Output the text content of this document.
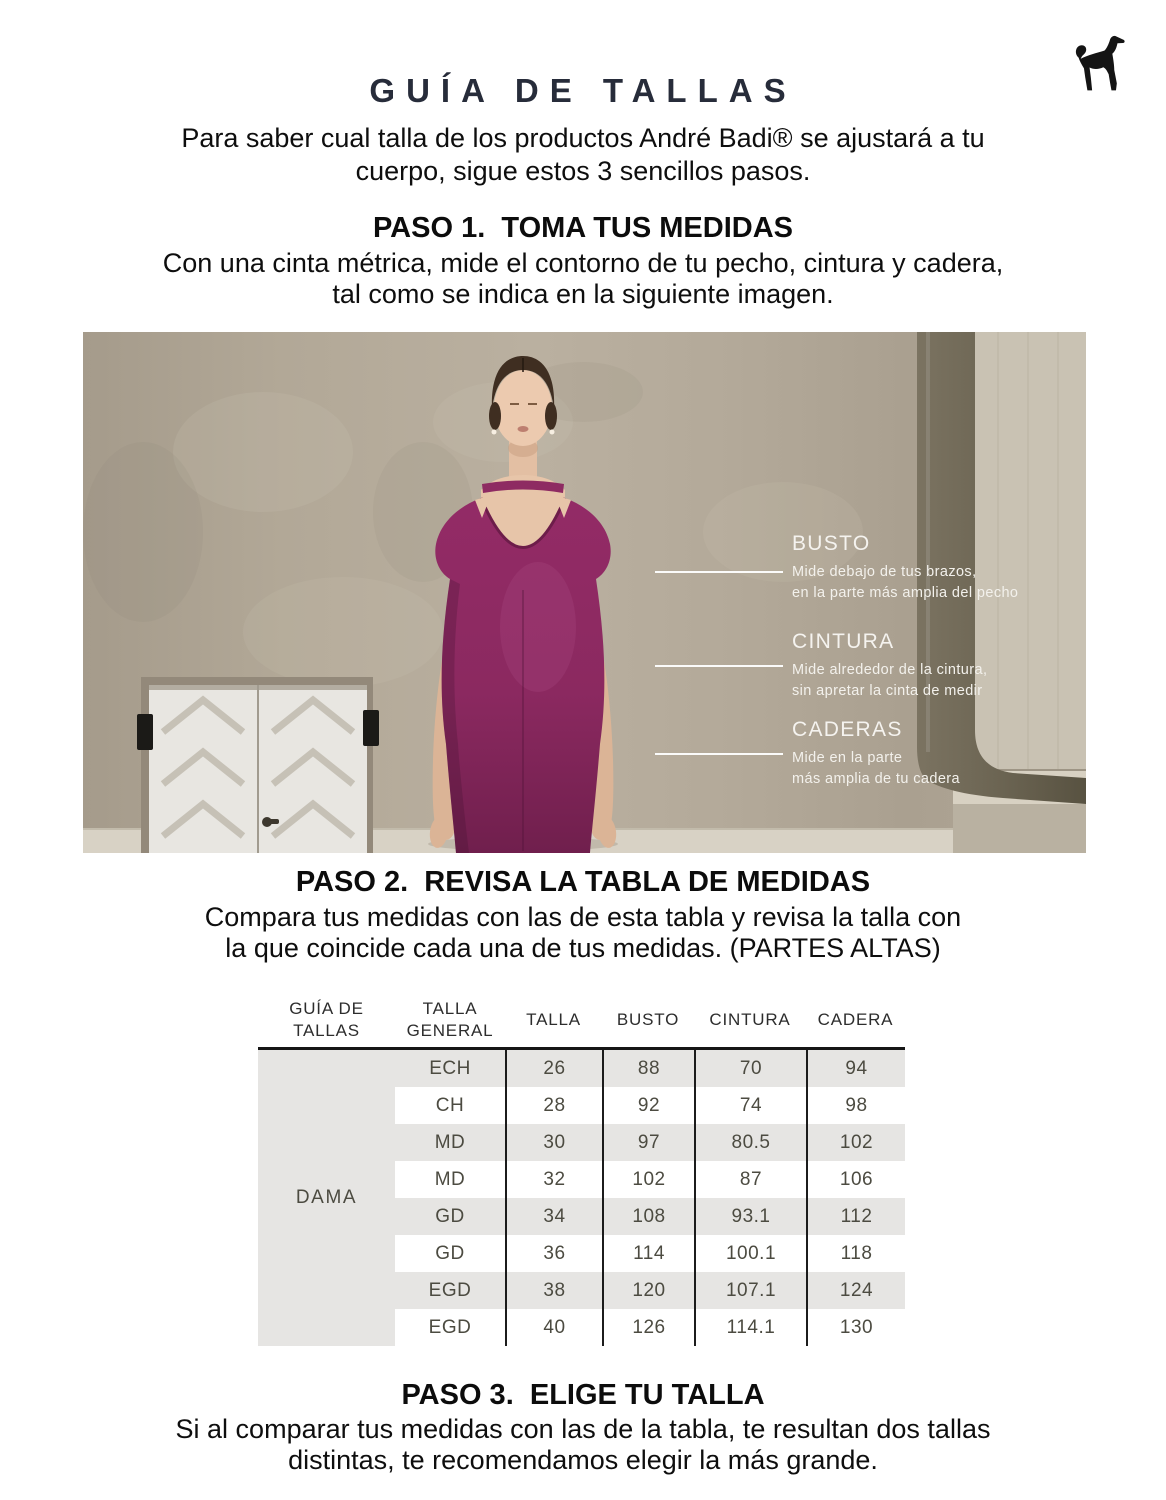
GUÍA DE TALLAS
Para saber cual talla de los productos André Badi® se ajustará a tu
cuerpo, sigue estos 3 sencillos pasos.
PASO 1.  TOMA TUS MEDIDAS
Con una cinta métrica, mide el contorno de tu pecho, cintura y cadera,
tal como se indica en la siguiente imagen.
BUSTO
Mide debajo de tus brazos,
en la parte más amplia del pecho
CINTURA
Mide alrededor de la cintura,
sin apretar la cinta de medir
CADERAS
Mide en la parte
más amplia de tu cadera
PASO 2.  REVISA LA TABLA DE MEDIDAS
Compara tus medidas con las de esta tabla y revisa la talla con
la que coincide cada una de tus medidas. (PARTES ALTAS)
GUÍA DE TALLAS
TALLA GENERAL
TALLA	BUSTO	CINTURA	CADERA
DAMA
ECH	26	88	70	94
CH	28	92	74	98
MD	30	97	80.5	102
MD	32	102	87	106
GD	34	108	93.1	112
GD	36	114	100.1	118
EGD	38	120	107.1	124
EGD	40	126	114.1	130
PASO 3.  ELIGE TU TALLA
Si al comparar tus medidas con las de la tabla, te resultan dos tallas
distintas, te recomendamos elegir la más grande.
